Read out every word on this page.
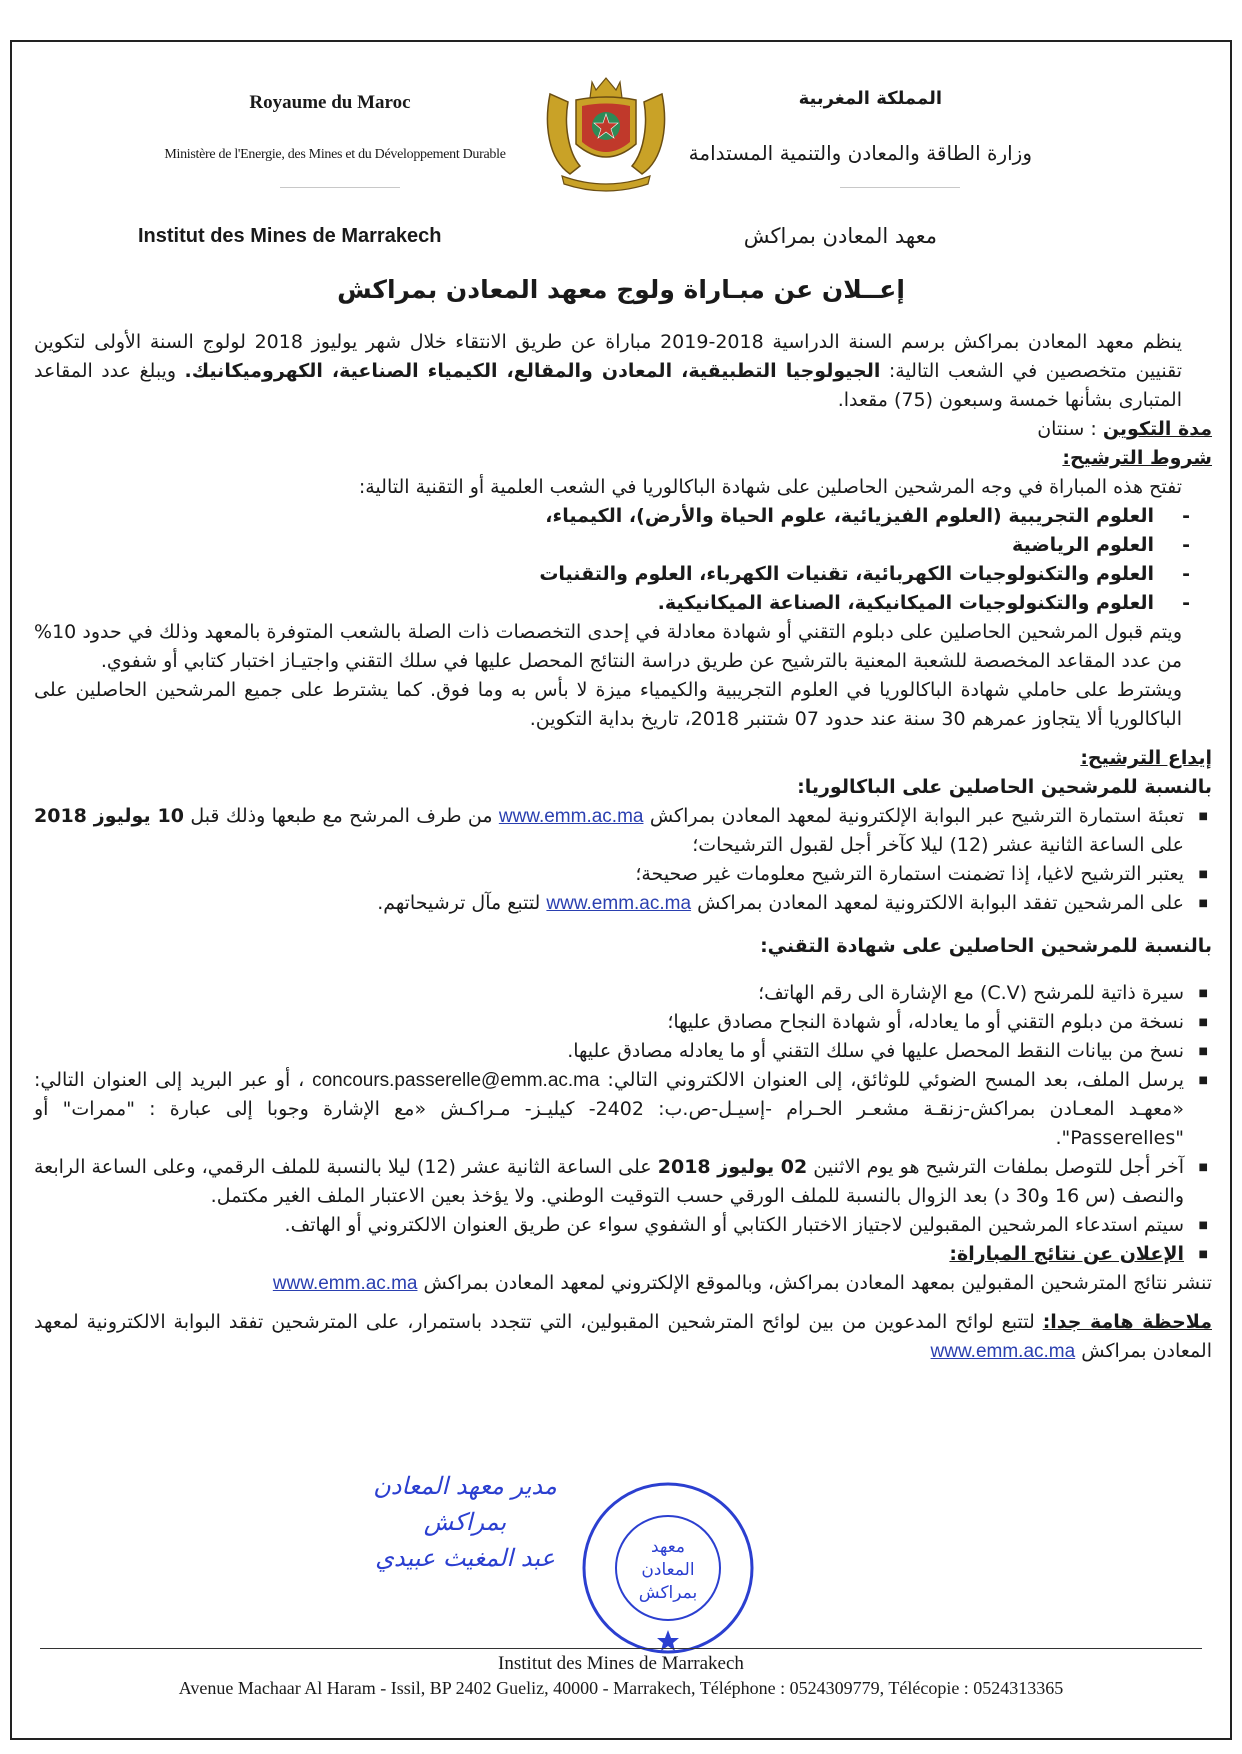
Royaume du Maroc
Ministère de l'Energie, des Mines et du Développement Durable
المملكة المغربية
وزارة الطاقة والمعادن والتنمية المستدامة
Institut des Mines de Marrakech	معهد المعادن بمراكش
إعــلان عن مبـاراة ولوج معهد المعادن بمراكش

ينظم معهد المعادن بمراكش برسم السنة الدراسية 2018-2019 مباراة عن طريق الانتقاء خلال شهر يوليوز 2018 لولوج السنة الأولى لتكوين تقنيين متخصصين في الشعب التالية: الجيولوجيا التطبيقية، المعادن والمقالع، الكيمياء الصناعية، الكهروميكانيك. ويبلغ عدد المقاعد المتبارى بشأنها خمسة وسبعون (75) مقعدا.

مدة التكوين : سنتان

شروط الترشيح:

تفتح هذه المباراة في وجه المرشحين الحاصلين على شهادة الباكالوريا في الشعب العلمية أو التقنية التالية:

- العلوم التجريبية (العلوم الفيزيائية، علوم الحياة والأرض)، الكيمياء،

- العلوم الرياضية

- العلوم والتكنولوجيات الكهربائية، تقنيات الكهرباء، العلوم والتقنيات

- العلوم والتكنولوجيات الميكانيكية، الصناعة الميكانيكية.

ويتم قبول المرشحين الحاصلين على دبلوم التقني أو شهادة معادلة في إحدى التخصصات ذات الصلة بالشعب المتوفرة بالمعهد وذلك في حدود 10% من عدد المقاعد المخصصة للشعبة المعنية بالترشيح عن طريق دراسة النتائج المحصل عليها في سلك التقني واجتيـاز اختبار كتابي أو شفوي.

ويشترط على حاملي شهادة الباكالوريا في العلوم التجريبية والكيمياء ميزة لا بأس به وما فوق. كما يشترط على جميع المرشحين الحاصلين على الباكالوريا ألا يتجاوز عمرهم 30 سنة عند حدود 07 شتنبر 2018، تاريخ بداية التكوين.

إيداع الترشيح:

بالنسبة للمرشحين الحاصلين على الباكالوريا:

■ تعبئة استمارة الترشيح عبر البوابة الإلكترونية لمعهد المعادن بمراكش www.emm.ac.ma من طرف المرشح مع طبعها وذلك قبل 10 يوليوز 2018 على الساعة الثانية عشر (12) ليلا كآخر أجل لقبول الترشيحات؛

■ يعتبر الترشيح لاغيا، إذا تضمنت استمارة الترشيح معلومات غير صحيحة؛

■ على المرشحين تفقد البوابة الالكترونية لمعهد المعادن بمراكش www.emm.ac.ma لتتبع مآل ترشيحاتهم.

بالنسبة للمرشحين الحاصلين على شهادة التقني:

■ سيرة ذاتية للمرشح (C.V) مع الإشارة الى رقم الهاتف؛

■ نسخة من دبلوم التقني أو ما يعادله، أو شهادة النجاح مصادق عليها؛

■ نسخ من بيانات النقط المحصل عليها في سلك التقني أو ما يعادله مصادق عليها.

■ يرسل الملف، بعد المسح الضوئي للوثائق، إلى العنوان الالكتروني التالي: concours.passerelle@emm.ac.ma ، أو عبر البريد إلى العنوان التالي: «معهـد المعـادن بمراكش-زنقـة مشعـر الحـرام -إسيـل-ص.ب: 2402- كيليـز- مـراكـش «مع الإشارة وجوبا إلى عبارة : "ممرات" أو "Passerelles".

■ آخر أجل للتوصل بملفات الترشيح هو يوم الاثنين 02 يوليوز 2018 على الساعة الثانية عشر (12) ليلا بالنسبة للملف الرقمي، وعلى الساعة الرابعة والنصف (س 16 و30 د) بعد الزوال بالنسبة للملف الورقي حسب التوقيت الوطني. ولا يؤخذ بعين الاعتبار الملف الغير مكتمل.

■ سيتم استدعاء المرشحين المقبولين لاجتياز الاختبار الكتابي أو الشفوي سواء عن طريق العنوان الالكتروني أو الهاتف.

■ الإعلان عن نتائج المباراة:

تنشر نتائج المترشحين المقبولين بمعهد المعادن بمراكش، وبالموقع الإلكتروني لمعهد المعادن بمراكش www.emm.ac.ma

ملاحظة هامة جدا: لتتبع لوائح المدعوين من بين لوائح المترشحين المقبولين، التي تتجدد باستمرار، على المترشحين تفقد البوابة الالكترونية لمعهد المعادن بمراكش www.emm.ac.ma

مدير معهد المعادن
بمراكش
عبد المغيث عبيدي	معهد
المعادن
بمراكش
Institut des Mines de Marrakech
Avenue Machaar Al Haram - Issil, BP 2402 Gueliz, 40000 - Marrakech, Téléphone : 0524309779, Télécopie : 0524313365
